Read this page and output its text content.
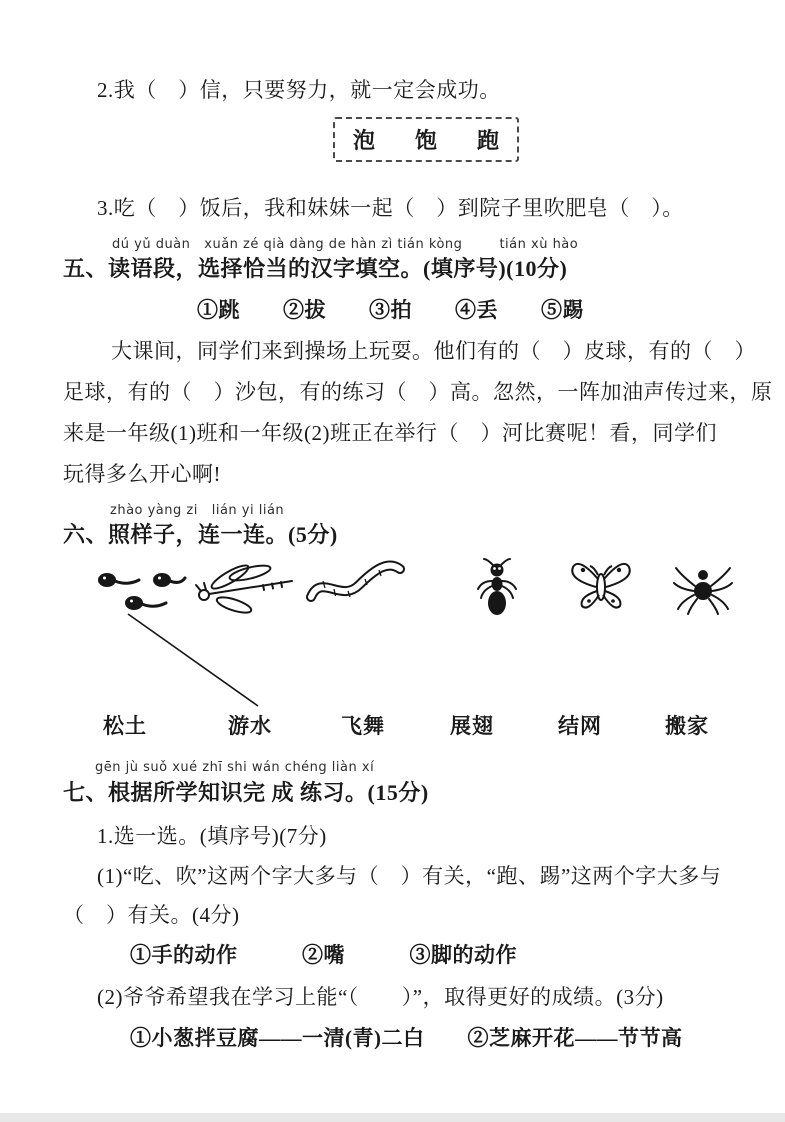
2.我（　）信，只要努力，就一定会成功。
泡 饱 跑
3.吃（　）饭后，我和妹妹一起（　）到院子里吹肥皂（　）。
dú yǔ duàn   xuǎn zé qià dàng de hàn zì tián kòng        tián xù hào
五、读语段，选择恰当的汉字填空。(填序号)(10分)
①跳　　②拔　　③拍　　④丢　　⑤踢
大课间，同学们来到操场上玩耍。他们有的（　）皮球，有的（　）
足球，有的（　）沙包，有的练习（　）高。忽然，一阵加油声传过来，原
来是一年级(1)班和一年级(2)班正在举行（　）河比赛呢！看，同学们
玩得多么开心啊!
zhào yàng zi   lián yi lián
六、照样子，连一连。(5分)
松土	游水	飞舞	展翅	结网	搬家
gēn jù suǒ xué zhī shi wán chéng liàn xí
七、根据所学知识完 成 练习。(15分)
1.选一选。(填序号)(7分)
(1)“吃、吹”这两个字大多与（　）有关，“跑、踢”这两个字大多与
（　）有关。(4分)
①手的动作　　　②嘴　　　③脚的动作
(2)爷爷希望我在学习上能“（　　）”，取得更好的成绩。(3分)
①小葱拌豆腐——一清(青)二白　　②芝麻开花——节节高
